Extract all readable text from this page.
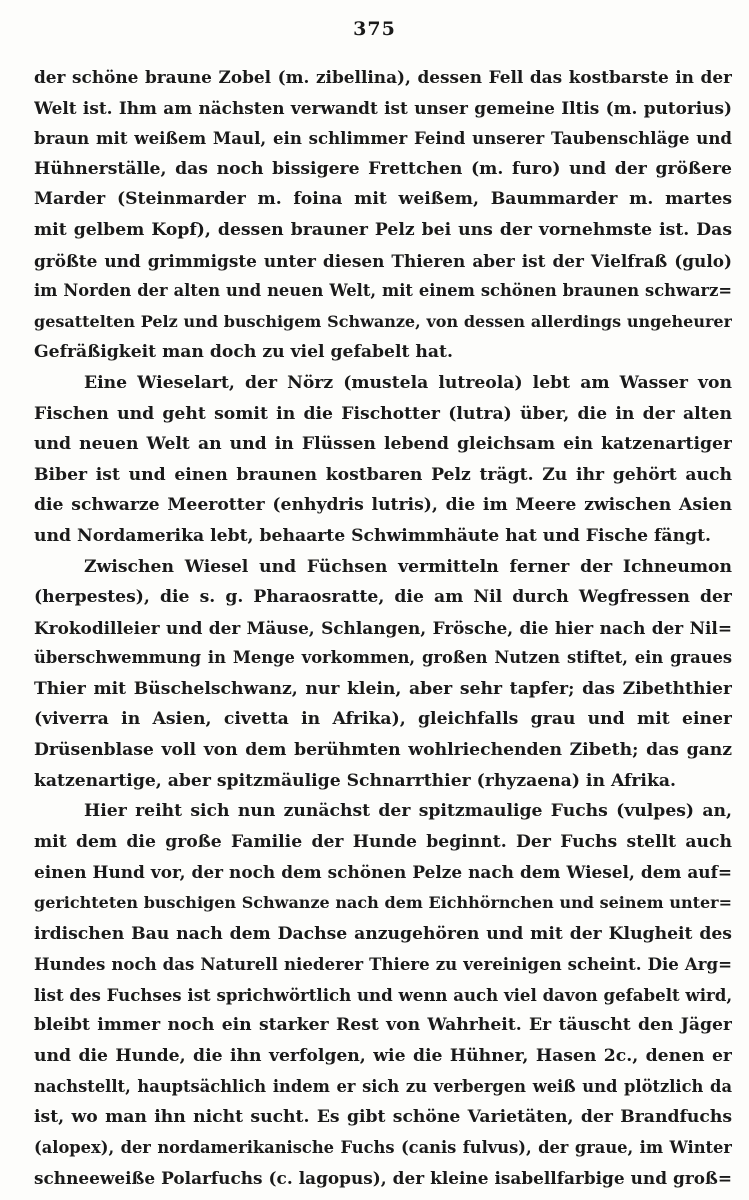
375
der schöne braune Zobel (m. zibellina), dessen Fell das kostbarste in der
Welt ist. Ihm am nächsten verwandt ist unser gemeine Iltis (m. putorius)
braun mit weißem Maul, ein schlimmer Feind unserer Taubenschläge und
Hühnerställe, das noch bissigere Frettchen (m. furo) und der größere
Marder (Steinmarder m. foina mit weißem, Baummarder m. martes
mit gelbem Kopf), dessen brauner Pelz bei uns der vornehmste ist. Das
größte und grimmigste unter diesen Thieren aber ist der Vielfraß (gulo)
im Norden der alten und neuen Welt, mit einem schönen braunen schwarz=
gesattelten Pelz und buschigem Schwanze, von dessen allerdings ungeheurer
Gefräßigkeit man doch zu viel gefabelt hat.
Eine Wieselart, der Nörz (mustela lutreola) lebt am Wasser von
Fischen und geht somit in die Fischotter (lutra) über, die in der alten
und neuen Welt an und in Flüssen lebend gleichsam ein katzenartiger
Biber ist und einen braunen kostbaren Pelz trägt. Zu ihr gehört auch
die schwarze Meerotter (enhydris lutris), die im Meere zwischen Asien
und Nordamerika lebt, behaarte Schwimmhäute hat und Fische fängt.
Zwischen Wiesel und Füchsen vermitteln ferner der Ichneumon
(herpestes), die s. g. Pharaosratte, die am Nil durch Wegfressen der
Krokodilleier und der Mäuse, Schlangen, Frösche, die hier nach der Nil=
überschwemmung in Menge vorkommen, großen Nutzen stiftet, ein graues
Thier mit Büschelschwanz, nur klein, aber sehr tapfer; das Zibeththier
(viverra in Asien, civetta in Afrika), gleichfalls grau und mit einer
Drüsenblase voll von dem berühmten wohlriechenden Zibeth; das ganz
katzenartige, aber spitzmäulige Schnarrthier (rhyzaena) in Afrika.
Hier reiht sich nun zunächst der spitzmaulige Fuchs (vulpes) an,
mit dem die große Familie der Hunde beginnt. Der Fuchs stellt auch
einen Hund vor, der noch dem schönen Pelze nach dem Wiesel, dem auf=
gerichteten buschigen Schwanze nach dem Eichhörnchen und seinem unter=
irdischen Bau nach dem Dachse anzugehören und mit der Klugheit des
Hundes noch das Naturell niederer Thiere zu vereinigen scheint. Die Arg=
list des Fuchses ist sprichwörtlich und wenn auch viel davon gefabelt wird,
bleibt immer noch ein starker Rest von Wahrheit. Er täuscht den Jäger
und die Hunde, die ihn verfolgen, wie die Hühner, Hasen 2c., denen er
nachstellt, hauptsächlich indem er sich zu verbergen weiß und plötzlich da
ist, wo man ihn nicht sucht. Es gibt schöne Varietäten, der Brandfuchs
(alopex), der nordamerikanische Fuchs (canis fulvus), der graue, im Winter
schneeweiße Polarfuchs (c. lagopus), der kleine isabellfarbige und groß=
